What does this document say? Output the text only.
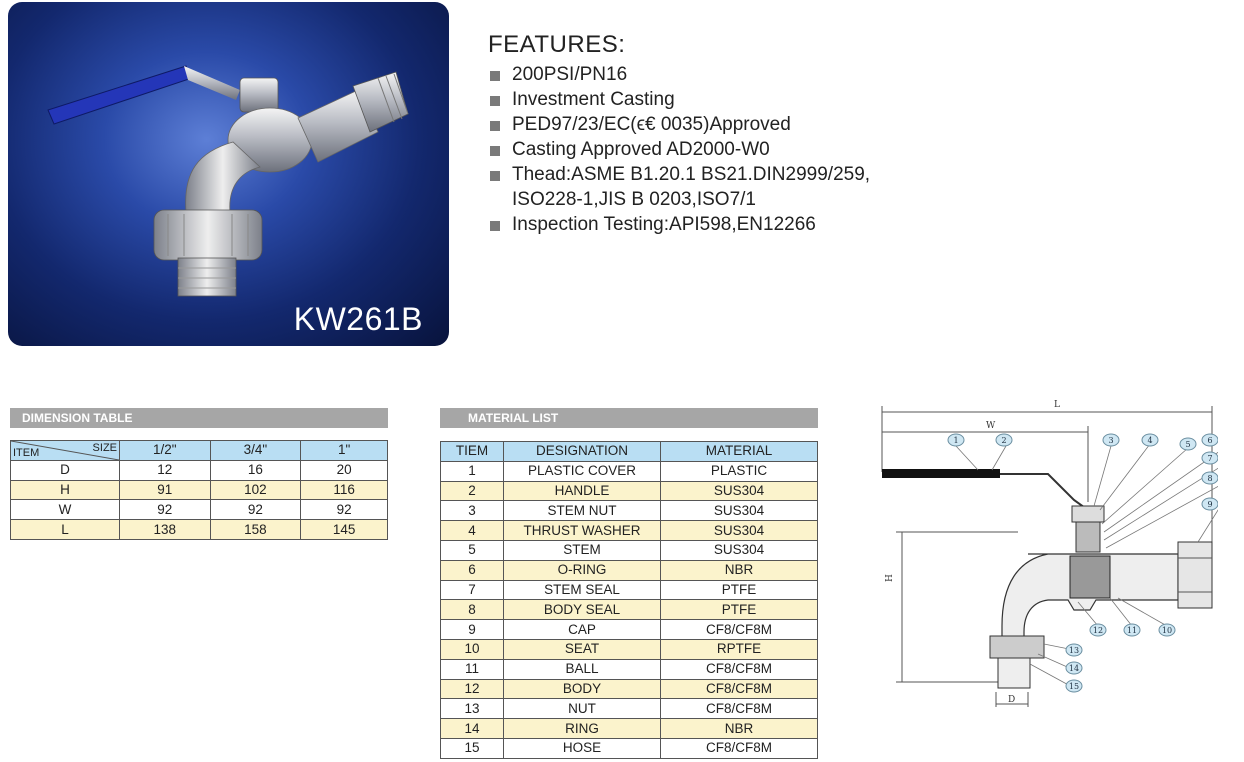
KW261B
FEATURES:
200PSI/PN16
Investment Casting
PED97/23/EC(ϵ€ 0035)Approved
Casting Approved AD2000-W0
Thead:ASME B1.20.1 BS21.DIN2999/259,
ISO228-1,JIS B 0203,ISO7/1
Inspection Testing:API598,EN12266
DIMENSION TABLE
SIZE
ITEM	1/2"	3/4"	1"
D	12	16	20
H	91	102	116
W	92	92	92
L	138	158	145
MATERIAL LIST
TIEM	DESIGNATION	MATERIAL
1	PLASTIC COVER	PLASTIC
2	HANDLE	SUS304
3	STEM NUT	SUS304
4	THRUST WASHER	SUS304
5	STEM	SUS304
6	O-RING	NBR
7	STEM SEAL	PTFE
8	BODY SEAL	PTFE
9	CAP	CF8/CF8M
10	SEAT	RPTFE
11	BALL	CF8/CF8M
12	BODY	CF8/CF8M
13	NUT	CF8/CF8M
14	RING	NBR
15	HOSE	CF8/CF8M
L
W
H
D
1	2	3	4	5 6
7
8
9
10
11
12
13
14
15
